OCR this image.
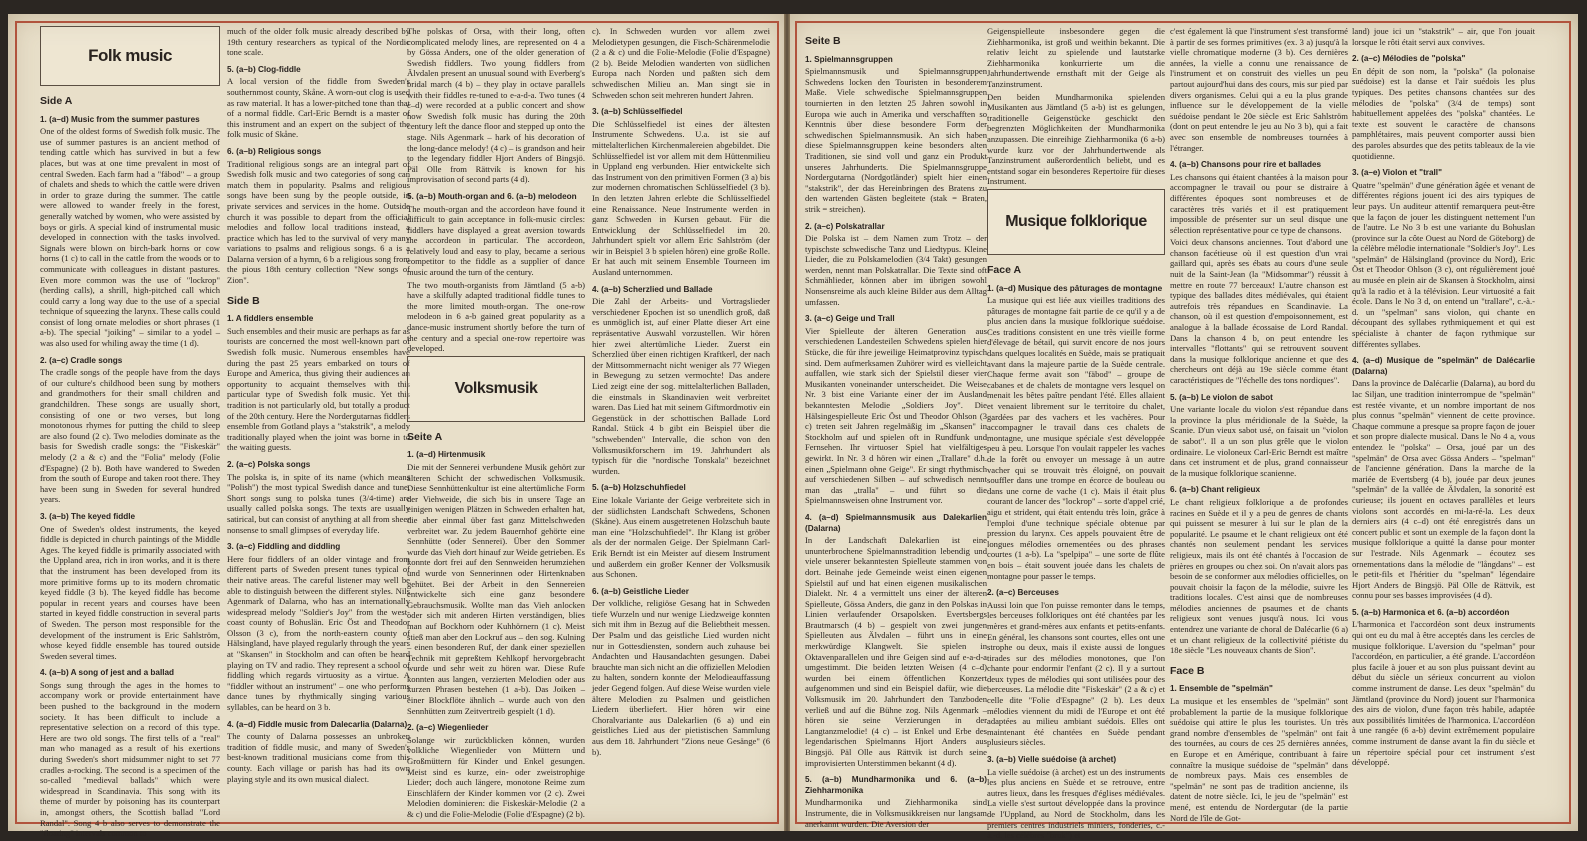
Folk music
Side A
1. (a–d) Music from the summer pastures

One of the oldest forms of Swedish folk music. The use of summer pastures is an ancient method of tending cattle which has survived in but a few places, but was at one time prevalent in most of central Sweden. Each farm had a "fäbod" – a group of chalets and sheds to which the cattle were driven in order to graze during the summer. The cattle were allowed to wander freely in the forest, generally watched by women, who were assisted by boys or girls. A special kind of instrumental music developed in connection with the tasks involved. Signals were blown on birch-bark horns or cow horns (1 c) to call in the cattle from the woods or to communicate with colleagues in distant pastures. Even more common was the use of "lockrop" (herding calls), a shrill, high-pitched call which could carry a long way due to the use of a special technique of squeezing the larynx. These calls could consist of long ornate melodies or short phrases (1 a-b). The special "joiking" – similar to a yodel – was also used for whiling away the time (1 d).

2. (a–c) Cradle songs

The cradle songs of the people have from the days of our culture's childhood been sung by mothers and grandmothers for their small children and grandchildren. These songs are usually short, consisting of one or two verses, but long monotonous rhymes for putting the child to sleep are also found (2 c). Two melodies dominate as the basis for Swedish cradle songs: the "Fiskeskär" melody (2 a & c) and the "Folia" melody (Folie d'Espagne) (2 b). Both have wandered to Sweden from the south of Europe and taken root there. They have been sung in Sweden for several hundred years.

3. (a–b) The keyed fiddle

One of Sweden's oldest instruments, the keyed fiddle is depicted in church paintings of the Middle Ages. The keyed fiddle is primarily associated with the Uppland area, rich in iron works, and it is there that the instrument has been developed from its more primitive forms up to its modern chromatic keyed fiddle (3 b). The keyed fiddle has become popular in recent years and courses have been started in keyed fiddle construction in several parts of Sweden. The person most responsible for the development of the instrument is Eric Sahlström, whose keyed fiddle ensemble has toured outside Sweden several times.

4. (a–b) A song of jest and a ballad

Songs sung through the ages in the homes to accompany work or provide entertainment have been pushed to the background in the modern society. It has been difficult to include a representative selection on a record of this type. Here are two old songs. The first tells of a "real" man who managed as a result of his exertions during Sweden's short midsummer night to set 77 cradles a-rocking. The second is a specimen of the so-called "medieval ballads" which were widespread in Scandinavia. This song with its theme of murder by poisoning has its counterpart in, amongst others, the Scottish ballad "Lord Randal". Song 4 b also serves to demonstrate the "floating" intervals common to

much of the older folk music already described by 19th century researchers as typical of the Nordic tone scale.

5. (a–b) Clog-fiddle

A local version of the fiddle from Sweden's southernmost county, Skåne. A worn-out clog is used as raw material. It has a lower-pitched tone than that of a normal fiddle. Carl-Eric Berndt is a master of this instrument and an expert on the subject of the folk music of Skåne.

6. (a–b) Religious songs

Traditional religious songs are an integral part of Swedish folk music and two categories of song can match them in popularity. Psalms and religious songs have been sung by the people outside, in private services and services in the home. Outside church it was possible to depart from the official melodies and follow local traditions instead, a practice which has led to the survival of very many variations to psalms and religious songs. 6 a is a Dalarna version of a hymn, 6 b a religious song from the pious 18th century collection "New songs of Zion".

Side B
1. A fiddlers ensemble

Such ensembles and their music are perhaps as far as tourists are concerned the most well-known part of Swedish folk music. Numerous ensembles have during the past 25 years embarked on tours of Europe and America, thus giving their audiences an opportunity to acquaint themselves with this particular type of Swedish folk music. Yet this tradition is not particularly old, but totally a product of the 20th century. Here the Nordergutarnas fiddlers ensemble from Gotland plays a "stakstrik", a melody traditionally played when the joint was borne in to the waiting guests.

2. (a–c) Polska songs

The polska is, in spite of its name (which means "Polish") the most typical Swedish dance and tune. Short songs sung to polska tunes (3/4-time) are usually called polska songs. The texts are usually satirical, but can consist of anything at all from sheer nonsense to small glimpses of everyday life.

3. (a–c) Fiddling and diddling

Here four fiddlers of an older vintage and from different parts of Sweden present tunes typical of their native areas. The careful listener may well be able to distinguish between the different styles. Nils Agenmark of Dalarna, who has an internationally widespread melody "Soldier's Joy" from the west-coast county of Bohuslän. Eric Öst and Theodor Olsson (3 c), from the north-eastern county of Hälsingland, have played regularly through the years at "Skansen" in Stockholm and can often be heard playing on TV and radio. They represent a school of fiddling which regards virtuosity as a virtue. A "fiddler without an instrument" – one who performs dance tunes by rhythmically singing various syllables, can be heard on 3 b.

4. (a–d) Fiddle music from Dalecarlia (Dalarna)

The county of Dalarna possesses an unbroken tradition of fiddle music, and many of Sweden's best-known traditional musicians come from this county. Each village or parish has had its own playing style and its own musical dialect.

The polskas of Orsa, with their long, often complicated melody lines, are represented on 4 a by Gössa Anders, one of the older generation of Swedish fiddlers. Two young fiddlers from Älvdalen present an unusual sound with Everberg's bridal march (4 b) – they play in octave parallels with their fiddles re-tuned to e-a-d-a. Two tunes (4 c–d) were recorded at a public concert and show how Swedish folk music has during the 20th century left the dance floor and stepped up onto the stage. Nils Agenmark – hark of his decoration of the long-dance melody! (4 c) – is grandson and heir to the legendary fiddler Hjort Anders of Bingsjö. Päl Olle from Rättvik is known for his improvisation of second parts (4 d).

5. (a–b) Mouth-organ and 6. (a–b) melodeon

The mouth-organ and the accordeon have found it difficult to gain acceptance in folk-music circles: fiddlers have displayed a great aversion towards the accordeon in particular. The accordeon, relatively loud and easy to play, became a serious competitor to the fiddle as a supplier of dance music around the turn of the century.

The two mouth-organists from Jämtland (5 a-b) have a skilfully adapted traditional fiddle tunes to the more limited mouth-organ. The one-row melodeon in 6 a-b gained great popularity as a dance-music instrument shortly before the turn of the century and a special one-row repertoire was developed.

Volksmusik
Seite A
1. (a–d) Hirtenmusik

Die mit der Sennerei verbundene Musik gehört zur älteren Schicht der schwedischen Volksmusik. Diese Sennhüttenkultur ist eine altertümliche Form der Viehweide, die sich bis in unsere Tage an einigen wenigen Plätzen in Schweden erhalten hat, die aber einmal über fast ganz Mittelschweden verbreitet war. Zu jedem Bauernhof gehörte eine Sennhütte (oder Sennerei). Über den Sommer wurde das Vieh dort hinauf zur Weide getrieben. Es konnte dort frei auf den Sennweiden herumziehen und wurde von Sennerinnen oder Hirtenknaben gehütet. Bei der Arbeit in den Sennereien entwickelte sich eine ganz besondere Gebrauchsmusik. Wollte man das Vieh anlocken oder sich mit anderen Hirten verständigen, blies man auf Bockhorn oder Kuhhörnern (1 c). Meist stieß man aber den Lockruf aus – den sog. Kulning – einen besonderen Ruf, der dank einer speziellen Technik mit gepreßtem Kehlkopf hervorgebracht wurde und sehr weit zu hören war. Diese Rufe konnten aus langen, verzierten Melodien oder aus kurzen Phrasen bestehen (1 a-b). Das Joiken – einer Blockflöte ähnlich – wurde auch von den Sennhütten zum Zeitvertreib gespielt (1 d).

2. (a–c) Wiegenlieder

Solange wir zurückblicken können, wurden volkliche Wiegenlieder von Müttern und Großmüttern für Kinder und Enkel gesungen. Meist sind es kurze, ein- oder zweistrophige Lieder; doch auch längere, monotone Reime zum Einschläfern der Kinder kommen vor (2 c). Zwei Melodien dominieren: die Fiskeskär-Melodie (2 a & c) und die Folie-Melodie (Folie d'Espagne) (2 b).

c). In Schweden wurden vor allem zwei Melodietypen gesungen, die Fisch-Schärenmelodie (2 a & c) und die Folie-Melodie (Folie d'Espagne) (2 b). Beide Melodien wanderten von südlichen Europa nach Norden und paßten sich dem schwedischen Milieu an. Man singt sie in Schweden schon seit mehreren hundert Jahren.

3. (a–b) Schlüsselfiedel

Die Schlüsselfiedel ist eines der ältesten Instrumente Schwedens. U.a. ist sie auf mittelalterlichen Kirchenmalereien abgebildet. Die Schlüsselfiedel ist vor allem mit dem Hüttenmilieu in Uppland eng verbunden. Hier entwickelte sich das Instrument von den primitiven Formen (3 a) bis zur modernen chromatischen Schlüsselfiedel (3 b). In den letzten Jahren erlebte die Schlüsselfiedel eine Renaissance. Neue Instrumente werden in ganz Schweden in Kursen gebaut. Für die Entwicklung der Schlüsselfiedel im 20. Jahrhundert spielt vor allem Eric Sahlström (der wir in Beispiel 3 b spielen hören) eine große Rolle. Er hat auch mit seinem Ensemble Tourneen im Ausland unternommen.

4. (a–b) Scherzlied und Ballade

Die Zahl der Arbeits- und Vortragslieder verschiedener Epochen ist so unendlich groß, daß es unmöglich ist, auf einer Platte dieser Art eine repräsentative Auswahl vorzustellen. Wir hören hier zwei altertümliche Lieder. Zuerst ein Scherzlied über einen richtigen Kraftkerl, der nach der Mittsommernacht nicht weniger als 77 Wiegen in Bewegung zu setzen vermochte! Das andere Lied zeigt eine der sog. mittelalterlichen Balladen, die einstmals in Skandinavien weit verbreitet waren. Das Lied hat mit seinem Giftmordmotiv ein Gegenstück in der schottischen Ballade Lord Randal. Stück 4 b gibt ein Beispiel über die "schwebenden" Intervalle, die schon von den Volksmusikforschern im 19. Jahrhundert als typisch für die "nordische Tonskala" bezeichnet wurden.

5. (a–b) Holzschuhfiedel

Eine lokale Variante der Geige verbreitete sich in der südlichsten Landschaft Schwedens, Schonen (Skåne). Aus einem ausgetretenen Holzschuh baute man eine "Holzschuhfiedel". Ihr Klang ist gröber als der der normalen Geige. Der Spielmann Carl-Erik Berndt ist ein Meister auf diesem Instrument und außerdem ein großer Kenner der Volksmusik aus Schonen.

6. (a–b) Geistliche Lieder

Der volkliche, religiöse Gesang hat in Schweden tiefe Wurzeln und nur wenige Liedzweige konnten sich mit ihm in Bezug auf die Beliebtheit messen. Der Psalm und das geistliche Lied wurden nicht nur in Gottesdiensten, sondern auch zuhause bei Andachten und Hausandachten gesungen. Dabei brauchte man sich nicht an die offiziellen Melodien zu halten, sondern konnte der Melodieauffassung jeder Gegend folgen. Auf diese Weise wurden viele ältere Melodien zu Psalmen und geistlichen Liedern überliefert. Hier hören wir eine Choralvariante aus Dalekarlien (6 a) und ein geistliches Lied aus der pietistischen Sammlung aus dem 18. Jahrhundert "Zions neue Gesänge" (6 b).

Seite B
1. Spielmannsgruppen

Spielmannsmusik und Spielmannsgruppen Schwedens locken den Touristen in besonderem Maße. Viele schwedische Spielmannsgruppen tournierten in den letzten 25 Jahren sowohl in Europa wie auch in Amerika und verschafften so Kenntnis über diese besondere Form der schwedischen Spielmannsmusik. An sich haben diese Spielmannsgruppen keine besonders alten Traditionen, sie sind voll und ganz ein Produkt unseres Jahrhunderts. Die Spielmannsgruppe Nordergutarna (Nordgotländer) spielt hier einen "stakstrik", der das Hereinbringen des Bratens zu den wartenden Gästen begleitete (stak = Braten, strik = streichen).

2. (a–c) Polskatrallar

Die Polska ist – dem Namen zum Trotz – der typischste schwedische Tanz und Liedtypus. Kleine Lieder, die zu Polskamelodien (3/4 Takt) gesungen werden, nennt man Polskatrallar. Die Texte sind oft Schmählieder, können aber im übrigen sowohl Nonsensreime als auch kleine Bilder aus dem Alltag umfassen.

3. (a–c) Geige und Trall

Vier Spielleute der älteren Generation aus verschiedenen Landesteilen Schwedens spielen hier Stücke, die für ihre jeweilige Heimatprovinz typisch sind. Dem aufmerksamen Zuhörer wird es vielleicht auffallen, wie stark sich der Spielstil dieser vier Musikanten voneinander unterscheidet. Die Weise Nr. 3 bist eine Variante einer der im Ausland bekanntesten Melodie „Soldiers Joy". Die Hälsingespielleute Eric Öst und Theodor Ohlson (3 c) treten seit Jahren regelmäßig im „Skansen" in Stockholm auf und spielen oft in Rundfunk und Fernsehen. Ihr virtuoser Spiel hat vielfältiges gewirkt. In Nr. 3 d hören wir einen „Trallare" d.h. einen „Spielmann ohne Geige". Er singt rhythmisch auf verschiedenen Silben – auf schwedisch nennt man das „tralla" – und führt so die Spielmannsweisen ohne Instrument vor.

4. (a–d) Spielmannsmusik aus Dalekarlien (Dalarna)

In der Landschaft Dalekarlien ist eine ununterbrochene Spielmannstradition lebendig und viele unserer bekanntesten Spielleute stammen von dort. Beinahe jede Gemeinde weist einen eigenen Spielstil auf und hat einen eigenen musikalischen Dialekt. Nr. 4 a vermittelt uns einer der älteren Spielleute, Gössa Anders, die ganz in den Polskas in Linien verlaufender Orsapolsken. Evertsbergs Brautmarsch (4 b) – gespielt von zwei jungen Spielleuten aus Älvdalen – führt uns in eine merkwürdige Klangwelt. Sie spielen in Oktavenparallelen und ihre Geigen sind auf e-a-d-a umgestimmt. Die beiden letzten Weisen (4 c–d) wurden bei einem öffentlichen Konzert aufgenommen und sind ein Beispiel dafür, wie die Volksmusik im 20. Jahrhundert den Tanzboden verließ und auf die Bühne zog. Nils Agenmark – hören sie seine Verzierungen in der Langtanzmelodie! (4 c) – ist Enkel und Erbe des legendarischen Spielmanns Hjort Anders aus Bingsjö. Päl Olle aus Rättvik ist durch seine improvisierten Unterstimmen bekannt (4 d).

5. (a–b) Mundharmonika und 6. (a–b) Ziehharmonika

Mundharmonika und Ziehharmonika sind Instrumente, die in Volksmusikkreisen nur langsam anerkannt wurden. Die Aversion der

Geigenspielleute insbesondere gegen die Ziehharmonika, ist groß und weithin bekannt. Die relativ leicht zu spielende und lautstarke Ziehharmonika konkurrierte um die Jahrhundertwende ernsthaft mit der Geige als Tanzinstrument.

Den beiden Mundharmonika spielenden Musikanten aus Jämtland (5 a-b) ist es gelungen, traditionelle Geigenstücke geschickt den begrenzten Möglichkeiten der Mundharmonika anzupassen. Die einreihige Ziehharmonika (6 a-b) wurde kurz vor der Jahrhundertwende als Tanzinstrument außerordentlich beliebt, und es entstand sogar ein besonderes Repertoire für dieses Instrument.

Musique folklorique
Face A
1. (a–d) Musique des pâturages de montagne

La musique qui est liée aux vieilles traditions des pâturages de montagne fait partie de ce qu'il y a de plus ancien dans la musique folklorique suédoise. Ces traditions consistent en une très vieille forme d'élevage de bétail, qui survit encore de nos jours dans quelques localités en Suède, mais se pratiquait avant dans la majeure partie de la Suède centrale. Chaque ferme avait son "fäbod" – groupe de cabanes et de chalets de montagne vers lesquel on menait les bêtes paître pendant l'été. Elles allaient et venaient librement sur le territoire du chalet, gardées par des vachers et les vachères. Pour accompagner le travail dans ces chalets de montagne, une musique spéciale s'est développée peu à peu. Lorsque l'on voulait rappeler les vaches de la forêt ou envoyer un message à un autre vacher qui se trouvait très éloigné, on pouvait souffler dans une trompe en écorce de bouleau ou dans une corne de vache (1 c). Mais il était plus courant de lancer des "lockrop" – sorte d'appel crié, aigu et strident, qui était entendu très loin, grâce à l'emploi d'une technique spéciale obtenue par pression du larynx. Ces appels pouvaient être de longues mélodies ornementées ou des phrases courtes (1 a-b). La "spelpipa" – une sorte de flûte en bois – était souvent jouée dans les chalets de montagne pour passer le temps.

2. (a–c) Berceuses

Aussi loin que l'on puisse remonter dans le temps, les berceuses folkloriques ont été chantées par les mères et grand-mères aux enfants et petits-enfants. En général, les chansons sont courtes, elles ont une strophe ou deux, mais il existe aussi de longues tirades sur des mélodies monotones, que l'on chante pour endormir l'enfant (2 c). Il y a surtout deux types de mélodies qui sont utilisées pour des berceuses. La mélodie dite "Fiskeskär" (2 a & c) et celle dite "Folie d'Espagne" (2 b). Les deux mélodies viennent du midi de l'Europe et ont été adaptées au milieu ambiant suédois. Elles ont maintenant été chantées en Suède pendant plusieurs siècles.

3. (a–b) Vielle suédoise (à archet)

La vielle suédoise (à archet) est un des instruments les plus anciens en Suède et se retrouve, entre autres lieux, dans les fresques d'églises médiévales. La vielle s'est surtout développée dans la province de l'Uppland, au Nord de Stockholm, dans les premiers centres industriels miniers, fonderies, c.-à.-d. les célèbres "bruk") et

c'est également là que l'instrument s'est transformé à partir de ses formes primitives (ex. 3 a) jusqu'à la vielle chromatique moderne (3 b). Ces dernières années, la vielle a connu une renaissance de l'instrument et on construit des vielles un peu partout aujourd'hui dans des cours, mis sur pied par divers organismes. Celui qui a eu la plus grande influence sur le développement de la vielle suédoise pendant le 20e siècle est Eric Sahlström (dont on peut entendre le jeu au No 3 b), qui a fait avec son ensemble de nombreuses tournées à l'étranger.

4. (a–b) Chansons pour rire et ballades

Les chansons qui étaient chantées à la maison pour accompagner le travail ou pour se distraire à différentes époques sont nombreuses et de caractères très variés et il est pratiquement impossible de présenter sur un seul disque une sélection représentative pour ce type de chansons.

Voici deux chansons anciennes. Tout d'abord une chanson facétieuse où il est question d'un vrai gaillard qui, après ses ébats au cours d'une seule nuit de la Saint-Jean (la "Midsommar") réussit à mettre en route 77 berceaux! L'autre chanson est typique des ballades dites médiévales, qui étaient autrefois très répandues en Scandinavie. La chanson, où il est question d'empoisonnement, est analogue à la ballade écossaise de Lord Randal. Dans la chanson 4 b, on peut entendre les intervalles "flottants" qui se retrouvent souvent dans la musique folklorique ancienne et que des chercheurs ont déjà au 19e siècle comme étant caractéristiques de "l'échelle des tons nordiques".

5. (a–b) Le violon de sabot

Une variante locale du violon s'est répandue dans la province la plus méridionale de la Suède, la Scanie. D'un vieux sabot usé, on faisait un "violon de sabot". Il a un son plus grêle que le violon ordinaire. Le violoneux Carl-Eric Berndt est maître dans cet instrument et de plus, grand connaisseur de la musique folklorique scanienne.

6. (a–b) Chant religieux

Le chant religieux folklorique a de profondes racines en Suède et il y a peu de genres de chants qui puissent se mesurer à lui sur le plan de la popularité. Le psaume et le chant religieux ont été chantés non seulement pendant les services religieux, mais ils ont été chantés à l'occasion de prières en groupes ou chez soi. On n'avait alors pas besoin de se conformer aux mélodies officielles, on pouvait choisir la façon de la mélodie, suivre les traditions locales. C'est ainsi que de nombreuses mélodies anciennes de psaumes et de chants religieux sont venues jusqu'à nous. Ici vous entendrez une variante de choral de Dalécarlie (6 a) et un chant religieux de la collectivité piétiste du 18e siècle "Les nouveaux chants de Sion".

Face B
1. Ensemble de "spelmän"

La musique et les ensembles de "spelmän" sont probablement la partie de la musique folklorique suédoise qui attire le plus les touristes. Un très grand nombre d'ensembles de "spelmän" ont fait des tournées, au cours de ces 25 dernières années, en Europe et en Amérique, contribuant à faire connaître la musique suédoise de "spelmän" dans de nombreux pays. Mais ces ensembles de "spelmän" ne sont pas de tradition ancienne, ils datent de notre siècle. Ici, le jeu de "spelmän" est mené, est entendu de Nordergutar (de la partie Nord de l'île de Got-

land) joue ici un "stakstrik" – air, que l'on jouait lorsque le rôti était servi aux convives.

2. (a–c) Mélodies de "polska"

En dépit de son nom, la "polska" (la polonaise suédoise) est la danse et l'air suédois les plus typiques. Des petites chansons chantées sur des mélodies de "polska" (3/4 de temps) sont habituellement appelées des "polska" chantées. Le texte est souvent le caractère de chansons pamphlétaires, mais peuvent comporter aussi bien des paroles absurdes que des petits tableaux de la vie quotidienne.

3. (a–e) Violon et "trall"

Quatre "spelmän" d'une génération âgée et venant de différentes régions jouent ici des airs typiques de leur pays. Un auditeur attentif remarquera peut-être que la façon de jouer les distinguent nettement l'un de l'autre. Le No 3 b est une variante du Bohuslan (province sur la côte Ouest au Nord de Göteborg) de la célèbre mélodie internationale "Soldier's Joy". Les "spelmän" de Hälsingland (province du Nord), Eric Öst et Theodor Ohlson (3 c), ont régulièrement joué au musée en plein air de Skansen à Stockholm, ainsi qu'à la radio et à la télévision. Leur virtuosité a fait école. Dans le No 3 d, on entend un "trallare", c.-à.-d. un "spelman" sans violon, qui chante en découpant des syllabes rythmiquement et qui est spécialiste à chanter de façon rythmique sur différentes syllabes.

4. (a–d) Musique de "spelmän" de Dalécarlie (Dalarna)

Dans la province de Dalécarlie (Dalarna), au bord du lac Siljan, une tradition ininterrompue de "spelmän" est restée vivante, et un nombre important de nos plus connus "spelmän" viennent de cette province. Chaque commune a presque sa propre façon de jouer et son propre dialecte musical. Dans le No 4 a, vous entendez le "polska" – Orsa, joué par un des "spelmän" de Orsa avec Gössa Anders – "spelman" de l'ancienne génération. Dans la marche de la mariée de Evertsberg (4 b), jouée par deux jeunes "spelmän" de la vallée de Älvdalen, la sonorité est curieuse; ils jouent en octaves parallèles et leurs violons sont accordés en mi-la-ré-la. Les deux derniers airs (4 c–d) ont été enregistrés dans un concert public et sont un exemple de la façon dont la musique folklorique a quitté la danse pour monter sur l'estrade. Nils Agenmark – écoutez ses ornementations dans la mélodie de "långdans" – est le petit-fils et l'héritier du "spelman" légendaire Hjort Anders de Bingsjö. Päl Olle de Rättvik, est connu pour ses basses improvisées (4 d).

5. (a–b) Harmonica et 6. (a–b) accordéon

L'harmonica et l'accordéon sont deux instruments qui ont eu du mal à être acceptés dans les cercles de musique folklorique. L'aversion du "spelman" pour l'accordéon, en particulier, a été grande. L'accordéon plus facile à jouer et au son plus puissant devint au début du siècle un sérieux concurrent au violon comme instrument de danse. Les deux "spelmän" du Jämtland (province du Nord) jouent sur l'harmonica des airs de violon, d'une façon très habile, adaptée aux possibilités limitées de l'harmonica. L'accordéon à une rangée (6 a-b) devint extrêmement populaire comme instrument de danse avant la fin du siècle et un répertoire spécial pour cet instrument s'est développé.
